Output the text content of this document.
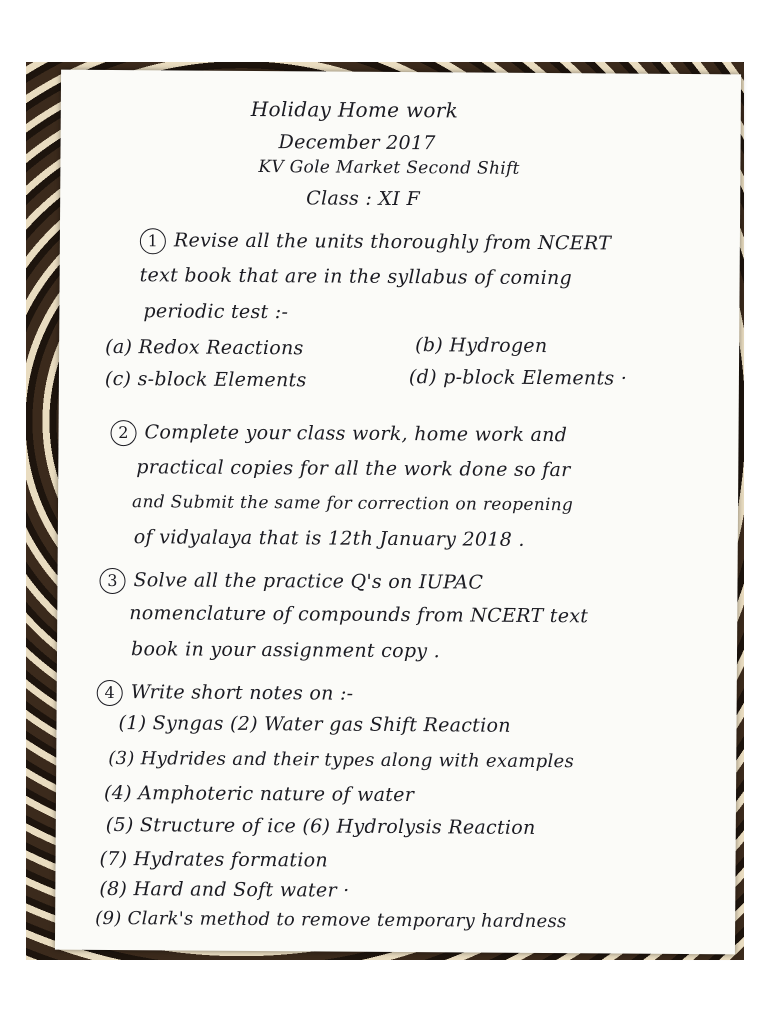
Holiday Home work
December 2017
KV Gole Market Second Shift
Class : XI F
1 Revise all the units thoroughly from NCERT
text book that are in the syllabus of coming
periodic test :-
(a) Redox Reactions	(b) Hydrogen
(c) s-block Elements	(d) p-block Elements ·
2 Complete your class work, home work and
practical copies for all the work done so far
and Submit the same for correction on reopening
of vidyalaya that is 12th January 2018 .
3 Solve all the practice Q's on IUPAC
nomenclature of compounds from NCERT text
book in your assignment copy .
4 Write short notes on :-
(1) Syngas (2) Water gas Shift Reaction
(3) Hydrides and their types along with examples
(4) Amphoteric nature of water
(5) Structure of ice (6) Hydrolysis Reaction
(7) Hydrates formation
(8) Hard and Soft water ·
(9) Clark's method to remove temporary hardness
